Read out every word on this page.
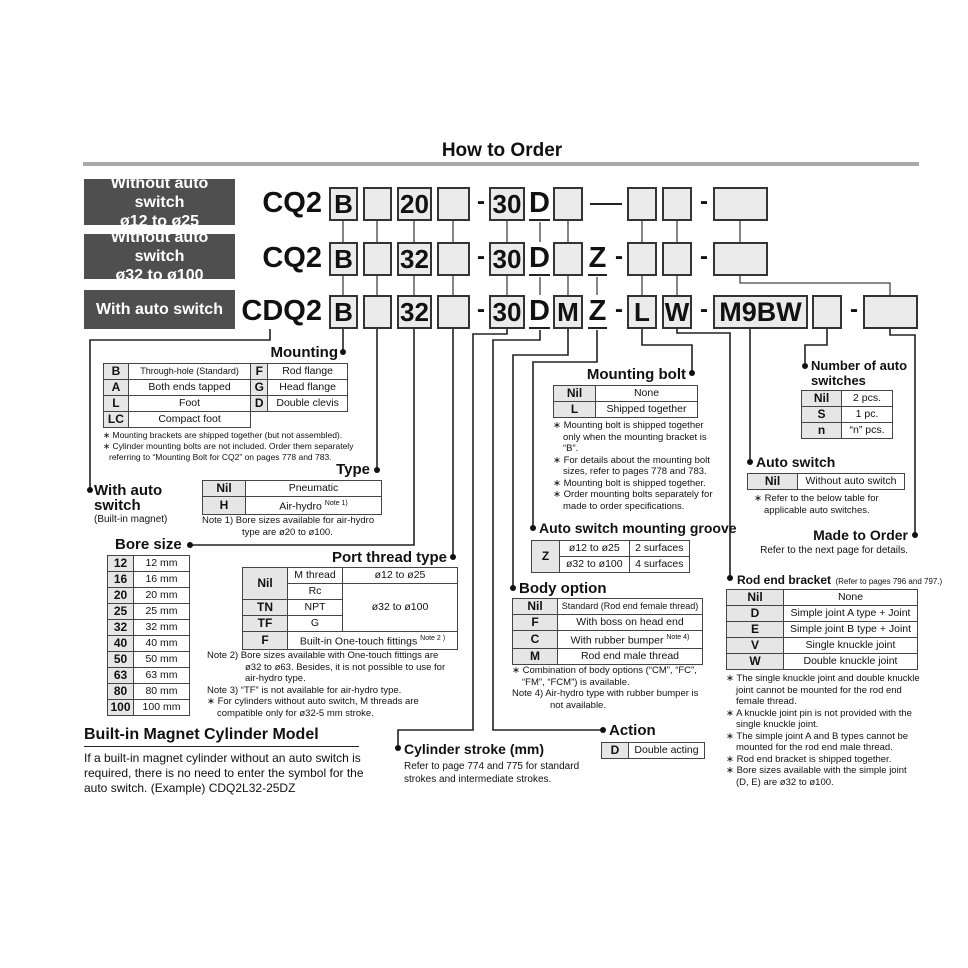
How to Order
Without auto switch
ø12 to ø25
Without auto switch
ø32 to ø100
With auto switch
CQ2 B 20 - 30 D	-
CQ2 B 32 - 30 D Z -	-
CDQ2 B 32 - 30 D M Z - L W - M9BW -
Mounting
B	Through-hole (Standard)	F	Rod flange
A	Both ends tapped	G	Head flange
L	Foot	D	Double clevis
LC	Compact foot		
∗ Mounting brackets are shipped together (but not assembled).
∗ Cylinder mounting bolts are not included. Order them separately referring to “Mounting Bolt for CQ2” on pages 778 and 783.
Type
Nil	Pneumatic
H	Air-hydro $^{Note 1)}$
Note 1) Bore sizes available for air-hydro type are ø20 to ø100.
With auto switch
(Built-in magnet)
Bore size
12	12 mm
16	16 mm
20	20 mm
25	25 mm
32	32 mm
40	40 mm
50	50 mm
63	63 mm
80	80 mm
100	100 mm
Port thread type
Nil	M thread	ø12 to ø25
	Rc	ø32 to ø100
TN	NPT	
TF	G	
F	Built-in One-touch fittings $^{Note 2 )}$
Note 2) Bore sizes available with One-touch fittings are ø32 to ø63. Besides, it is not possible to use for air-hydro type.
Note 3) “TF” is not available for air-hydro type.
∗ For cylinders without auto switch, M threads are compatible only for ø32-5 mm stroke.
Built-in Magnet Cylinder Model
If a built-in magnet cylinder without an auto switch is required, there is no need to enter the symbol for the auto switch. (Example) CDQ2L32-25DZ
Mounting bolt
Nil	None
L	Shipped together
∗ Mounting bolt is shipped together only when the mounting bracket is “B”.
∗ For details about the mounting bolt sizes, refer to pages 778 and 783.
∗ Mounting bolt is shipped together.
∗ Order mounting bolts separately for made to order specifications.
Auto switch mounting groove
Z	ø12 to ø25	2 surfaces
	ø32 to ø100	4 surfaces
Body option
Nil	Standard (Rod end female thread)
F	With boss on head end
C	With rubber bumper $^{Note 4)}$
M	Rod end male thread
∗ Combination of body options (“CM”, “FC”, “FM”, “FCM”) is available.
Note 4) Air-hydro type with rubber bumper is not available.
Action
D	Double acting
Cylinder stroke (mm)
Refer to page 774 and 775 for standard strokes and intermediate strokes.
Number of auto switches
Nil	2 pcs.
S	1 pc.
n	“n” pcs.
Auto switch
Nil	Without auto switch
∗ Refer to the below table for applicable auto switches.
Made to Order
Refer to the next page for details.
Rod end bracket (Refer to pages 796 and 797.)
Nil	None
D	Simple joint A type + Joint
E	Simple joint B type + Joint
V	Single knuckle joint
W	Double knuckle joint
∗ The single knuckle joint and double knuckle joint cannot be mounted for the rod end female thread.
∗ A knuckle joint pin is not provided with the single knuckle joint.
∗ The simple joint A and B types cannot be mounted for the rod end male thread.
∗ Rod end bracket is shipped together.
∗ Bore sizes available with the simple joint (D, E) are ø32 to ø100.
